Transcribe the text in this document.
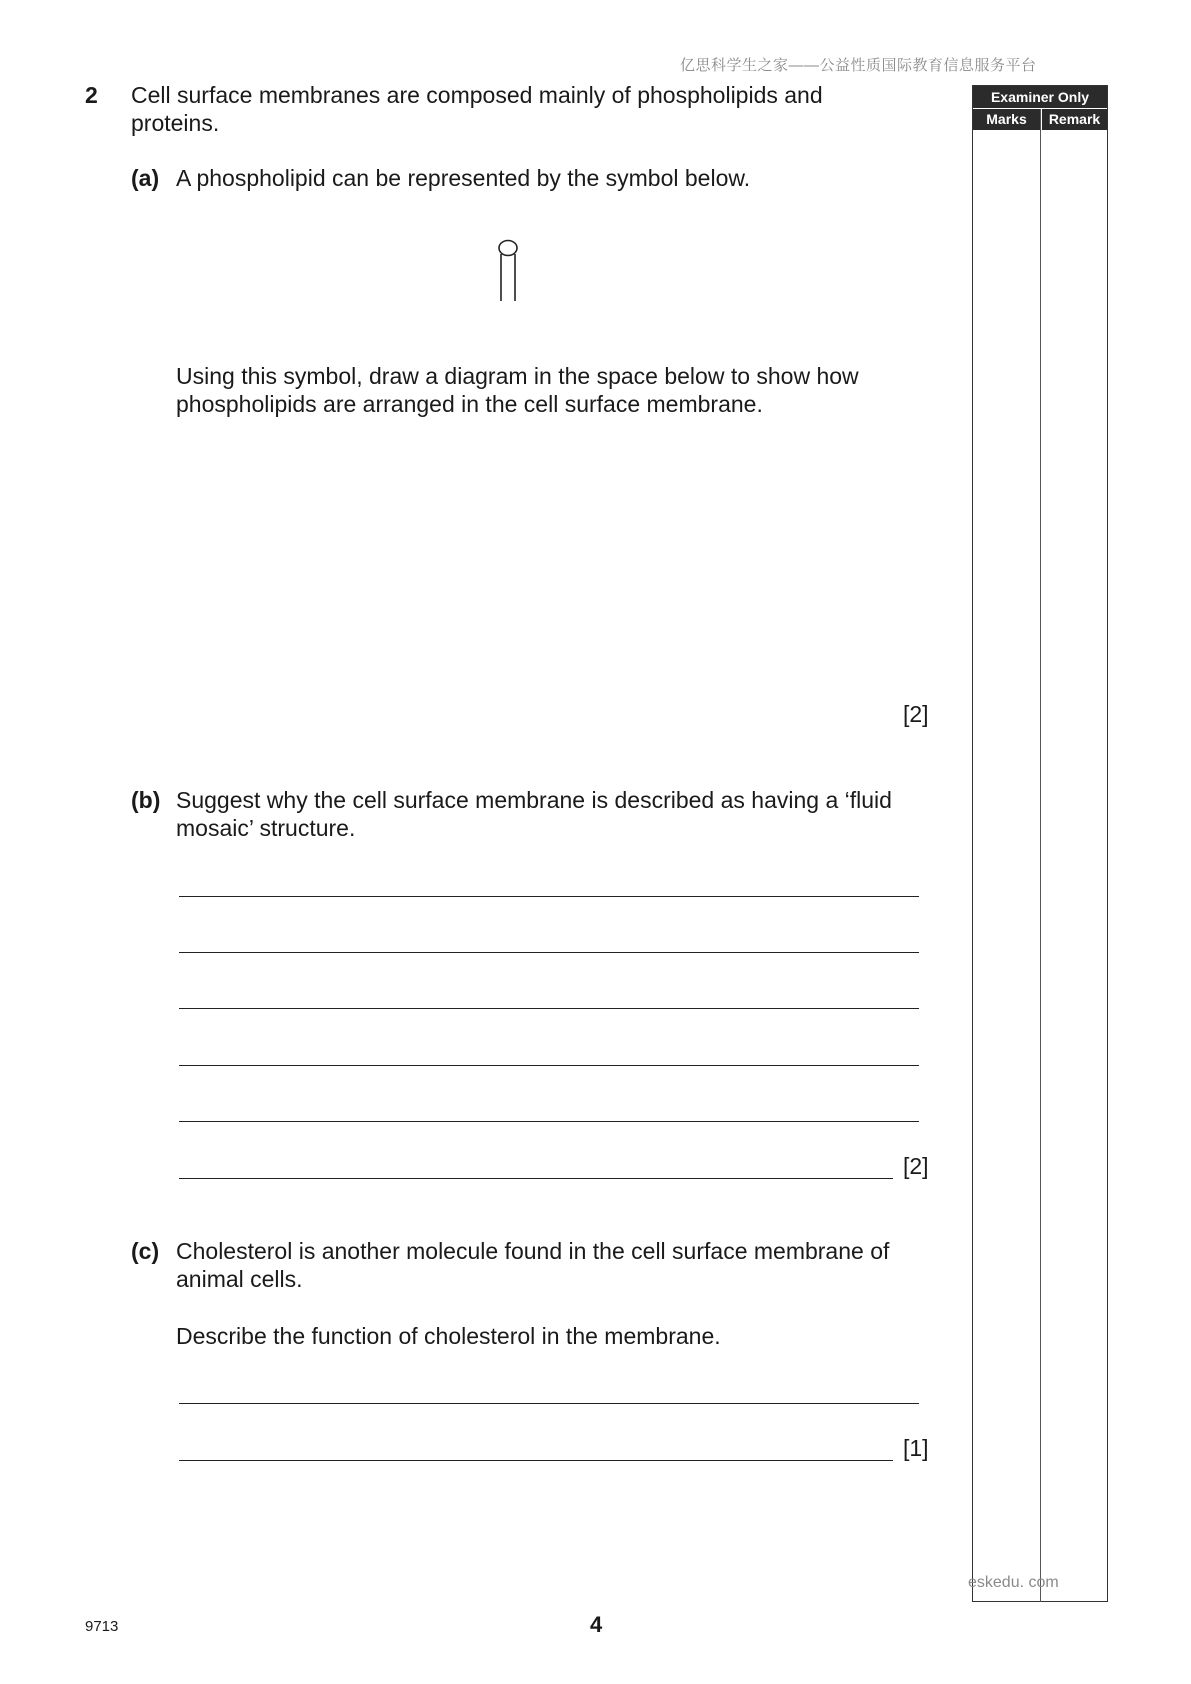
亿思科学生之家——公益性质国际教育信息服务平台
2 Cell surface membranes are composed mainly of phospholipids and proteins.
(a) A phospholipid can be represented by the symbol below.
Using this symbol, draw a diagram in the space below to show how phospholipids are arranged in the cell surface membrane.
[2]
(b) Suggest why the cell surface membrane is described as having a ‘fluid mosaic’ structure.
[2]
(c) Cholesterol is another molecule found in the cell surface membrane of animal cells.
Describe the function of cholesterol in the membrane.
[1]
Examiner Only
Marks	Remark
eskedu. com
9713	4
